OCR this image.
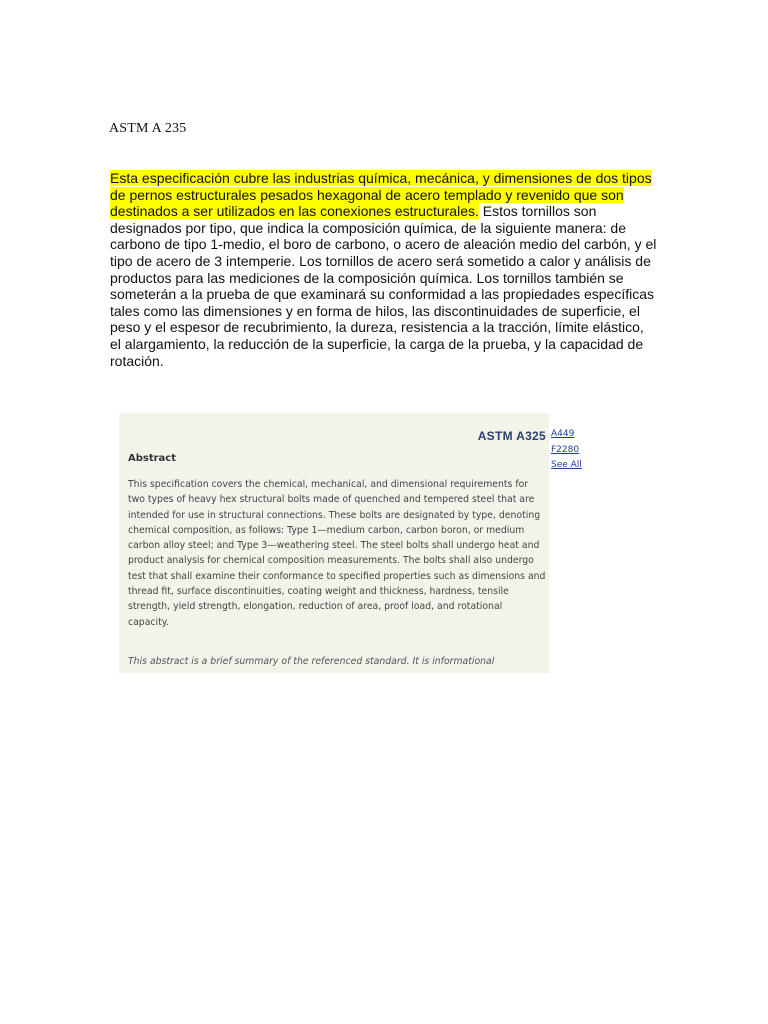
ASTM A 235

Esta especificación cubre las industrias química, mecánica, y dimensiones de dos tipos de pernos estructurales pesados hexagonal de acero templado y revenido que son destinados a ser utilizados en las conexiones estructurales. Estos tornillos son designados por tipo, que indica la composición química, de la siguiente manera: de carbono de tipo 1-medio, el boro de carbono, o acero de aleación medio del carbón, y el tipo de acero de 3 intemperie. Los tornillos de acero será sometido a calor y análisis de productos para las mediciones de la composición química. Los tornillos también se someterán a la prueba de que examinará su conformidad a las propiedades específicas tales como las dimensiones y en forma de hilos, las discontinuidades de superficie, el peso y el espesor de recubrimiento, la dureza, resistencia a la tracción, límite elástico, el alargamiento, la reducción de la superficie, la carga de la prueba, y la capacidad de rotación.

ASTM A325
Abstract

This specification covers the chemical, mechanical, and dimensional requirements for two types of heavy hex structural bolts made of quenched and tempered steel that are intended for use in structural connections. These bolts are designated by type, denoting chemical composition, as follows: Type 1—medium carbon, carbon boron, or medium carbon alloy steel; and Type 3—weathering steel. The steel bolts shall undergo heat and product analysis for chemical composition measurements. The bolts shall also undergo test that shall examine their conformance to specified properties such as dimensions and thread fit, surface discontinuities, coating weight and thickness, hardness, tensile strength, yield strength, elongation, reduction of area, proof load, and rotational capacity.

This abstract is a brief summary of the referenced standard. It is informational

A449
F2280
See All
